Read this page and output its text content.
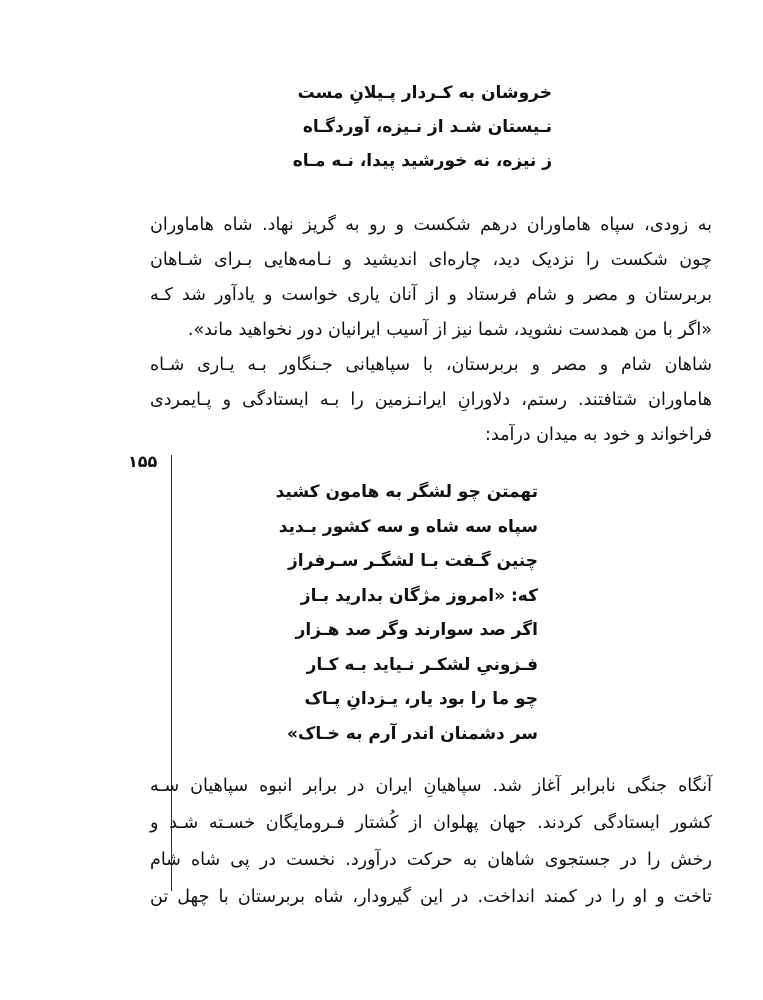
خروشان به کـردار پـیلانِ مست
نـیستان شـد از نـیزه، آوردگـاه
ز نیزه، نه خورشید پیدا، نـه مـاه
به زودی، سپاه هاماوران درهم شکست و رو به گریز نهاد. شاه هاماوران
چون شکست را نزدیک دید، چاره‌ای اندیشید و نـامه‌هایی بـرای شـاهان
بربرستان و مصر و شام فرستاد و از آنان یاری خواست و یادآور شد کـه
«اگر با من همدست نشوید، شما نیز از آسیب ایرانیان دور نخواهید ماند».
شاهان شام و مصر و بربرستان، با سپاهیانی جـنگاور بـه یـاری شـاه
هاماوران شتافتند. رستم، دلاورانِ ایرانـزمین را بـه ایستادگی و پـایمردی
فراخواند و خود به میدان درآمد:
۱۵۵
تهمتن چو لشگر به هامون کشید
سپاه سه شاه و سه کشور بـدید
چنین گـفت بـا لشگـر سـرفراز
که: «امروز مژگان بدارید بـاز
اگر صد سوارند وگر صد هـزار
فـزونیِ لشکـر نـیاید بـه کـار
چو ما را بود یار، یـزدانِ پـاک
سر دشمنان اندر آرم به خـاک»
آنگاه جنگی نابرابر آغاز شد. سپاهیانِ ایران در برابر انبوه سپاهیان سـه
کشور ایستادگی کردند. جهان پهلوان از کُشتار فـرومایگان خسـته شـد و
رخش را در جستجوی شاهان به حرکت درآورد. نخست در پی شاه شام
تاخت و او را در کمند انداخت. در این گیرودار، شاه بربرستان با چهل تن
